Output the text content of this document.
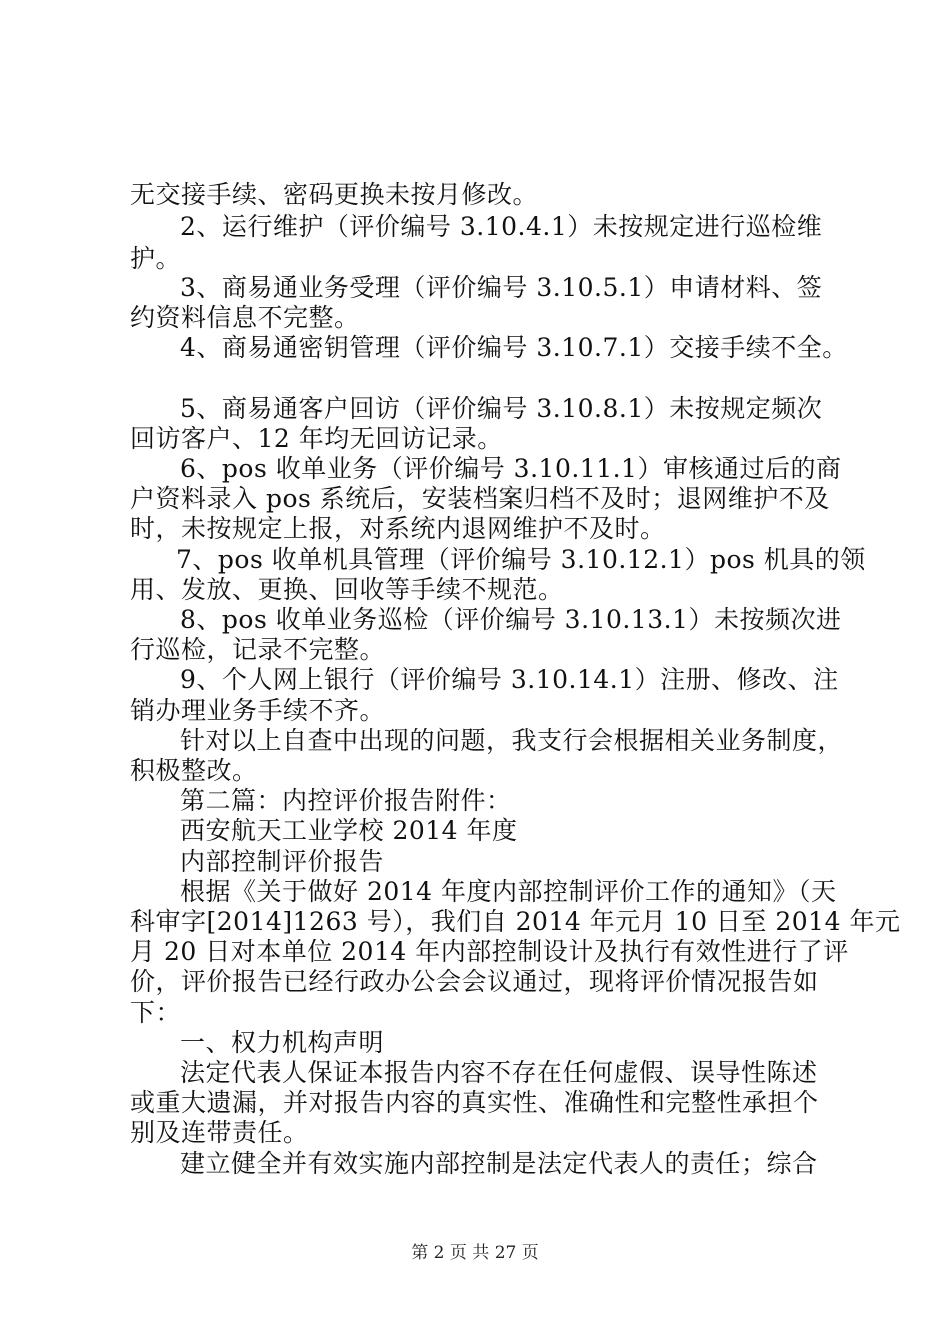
无交接手续、密码更换未按月修改。
2、运行维护（评价编号 3.10.4.1）未按规定进行巡检维
护。
3、商易通业务受理（评价编号 3.10.5.1）申请材料、签
约资料信息不完整。
4、商易通密钥管理（评价编号 3.10.7.1）交接手续不全。
5、商易通客户回访（评价编号 3.10.8.1）未按规定频次
回访客户、12 年均无回访记录。
6、pos 收单业务（评价编号 3.10.11.1）审核通过后的商
户资料录入 pos 系统后，安装档案归档不及时；退网维护不及
时，未按规定上报，对系统内退网维护不及时。
7、pos 收单机具管理（评价编号 3.10.12.1）pos 机具的领
用、发放、更换、回收等手续不规范。
8、pos 收单业务巡检（评价编号 3.10.13.1）未按频次进
行巡检，记录不完整。
9、个人网上银行（评价编号 3.10.14.1）注册、修改、注
销办理业务手续不齐。
针对以上自查中出现的问题，我支行会根据相关业务制度，
积极整改。
第二篇：内控评价报告附件：
西安航天工业学校 2014 年度
内部控制评价报告
根据《关于做好 2014 年度内部控制评价工作的通知》（天
科审字[2014]1263 号），我们自 2014 年元月 10 日至 2014 年元
月 20 日对本单位 2014 年内部控制设计及执行有效性进行了评
价，评价报告已经行政办公会会议通过，现将评价情况报告如
下：
一、权力机构声明
法定代表人保证本报告内容不存在任何虚假、误导性陈述
或重大遗漏，并对报告内容的真实性、准确性和完整性承担个
别及连带责任。
建立健全并有效实施内部控制是法定代表人的责任；综合
第 2 页 共 27 页
